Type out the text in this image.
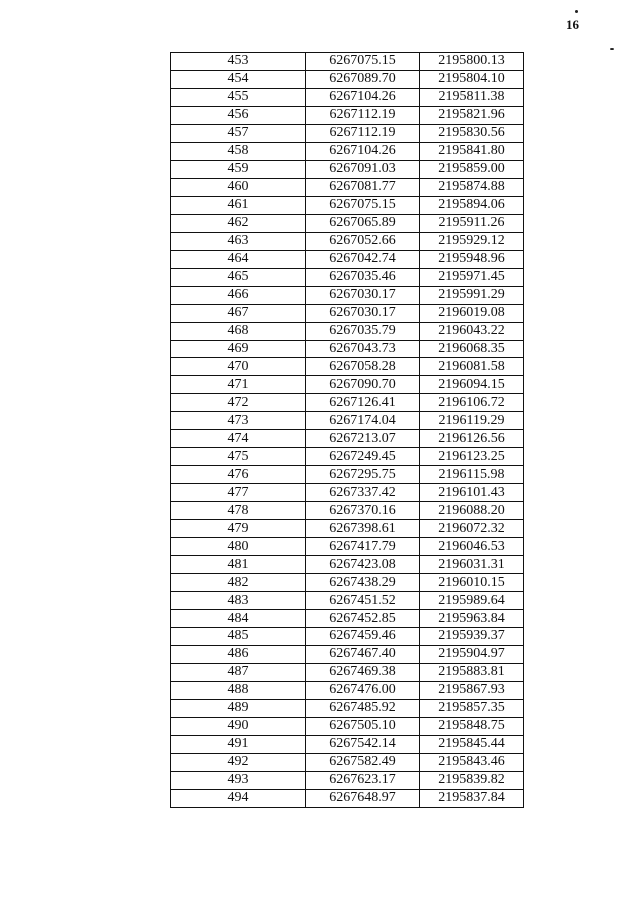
16
453	6267075.15	2195800.13
454	6267089.70	2195804.10
455	6267104.26	2195811.38
456	6267112.19	2195821.96
457	6267112.19	2195830.56
458	6267104.26	2195841.80
459	6267091.03	2195859.00
460	6267081.77	2195874.88
461	6267075.15	2195894.06
462	6267065.89	2195911.26
463	6267052.66	2195929.12
464	6267042.74	2195948.96
465	6267035.46	2195971.45
466	6267030.17	2195991.29
467	6267030.17	2196019.08
468	6267035.79	2196043.22
469	6267043.73	2196068.35
470	6267058.28	2196081.58
471	6267090.70	2196094.15
472	6267126.41	2196106.72
473	6267174.04	2196119.29
474	6267213.07	2196126.56
475	6267249.45	2196123.25
476	6267295.75	2196115.98
477	6267337.42	2196101.43
478	6267370.16	2196088.20
479	6267398.61	2196072.32
480	6267417.79	2196046.53
481	6267423.08	2196031.31
482	6267438.29	2196010.15
483	6267451.52	2195989.64
484	6267452.85	2195963.84
485	6267459.46	2195939.37
486	6267467.40	2195904.97
487	6267469.38	2195883.81
488	6267476.00	2195867.93
489	6267485.92	2195857.35
490	6267505.10	2195848.75
491	6267542.14	2195845.44
492	6267582.49	2195843.46
493	6267623.17	2195839.82
494	6267648.97	2195837.84
